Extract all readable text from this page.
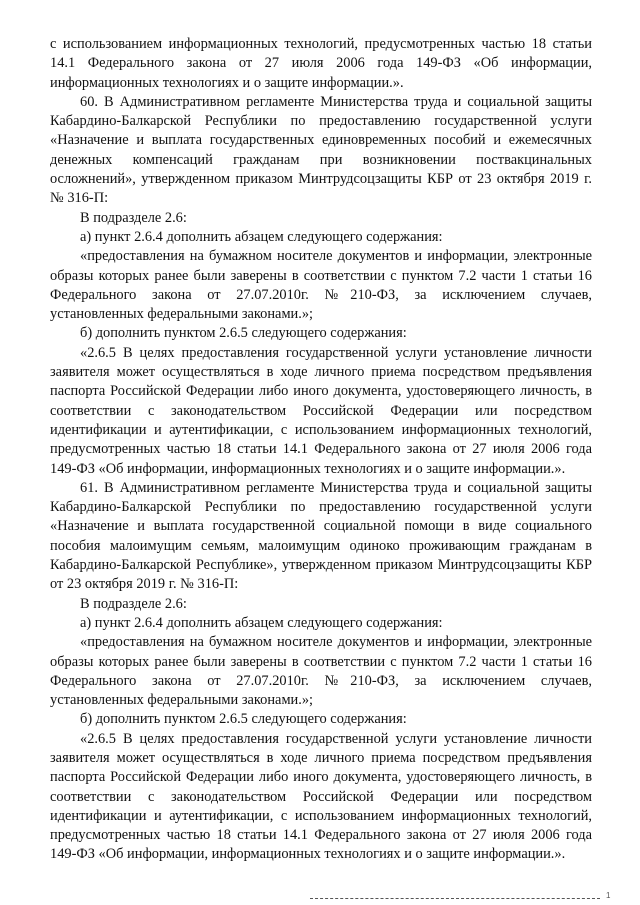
с использованием информационных технологий, предусмотренных частью 18 статьи 14.1 Федерального закона от 27 июля 2006 года 149-ФЗ «Об информации, информационных технологиях и о защите информации.».

60. В Административном регламенте Министерства труда и социальной защиты Кабардино-Балкарской Республики по предоставлению государственной услуги «Назначение и выплата государственных единовременных пособий и ежемесячных денежных компенсаций гражданам при возникновении поствакцинальных осложнений», утвержденном приказом Минтрудсоцзащиты КБР от 23 октября 2019 г. № 316-П:

В подразделе 2.6:

а) пункт 2.6.4 дополнить абзацем следующего содержания:

«предоставления на бумажном носителе документов и информации, электронные образы которых ранее были заверены в соответствии с пунктом 7.2 части 1 статьи 16 Федерального закона от 27.07.2010г. №210-ФЗ, за исключением случаев, установленных федеральными законами.»;

б) дополнить пунктом 2.6.5 следующего содержания:

«2.6.5 В целях предоставления государственной услуги установление личности заявителя может осуществляться в ходе личного приема посредством предъявления паспорта Российской Федерации либо иного документа, удостоверяющего личность, в соответствии с законодательством Российской Федерации или посредством идентификации и аутентификации, с использованием информационных технологий, предусмотренных частью 18 статьи 14.1 Федерального закона от 27 июля 2006 года 149-ФЗ «Об информации, информационных технологиях и о защите информации.».

61. В Административном регламенте Министерства труда и социальной защиты Кабардино-Балкарской Республики по предоставлению государственной услуги «Назначение и выплата государственной социальной помощи в виде социального пособия малоимущим семьям, малоимущим одиноко проживающим гражданам в Кабардино-Балкарской Республике», утвержденном приказом Минтрудсоцзащиты КБР от 23 октября 2019 г. № 316-П:

В подразделе 2.6:

а) пункт 2.6.4 дополнить абзацем следующего содержания:

«предоставления на бумажном носителе документов и информации, электронные образы которых ранее были заверены в соответствии с пунктом 7.2 части 1 статьи 16 Федерального закона от 27.07.2010г. №210-ФЗ, за исключением случаев, установленных федеральными законами.»;

б) дополнить пунктом 2.6.5 следующего содержания:

«2.6.5 В целях предоставления государственной услуги установление личности заявителя может осуществляться в ходе личного приема посредством предъявления паспорта Российской Федерации либо иного документа, удостоверяющего личность, в соответствии с законодательством Российской Федерации или посредством идентификации и аутентификации, с использованием информационных технологий, предусмотренных частью 18 статьи 14.1 Федерального закона от 27 июля 2006 года 149-ФЗ «Об информации, информационных технологиях и о защите информации.».

1
